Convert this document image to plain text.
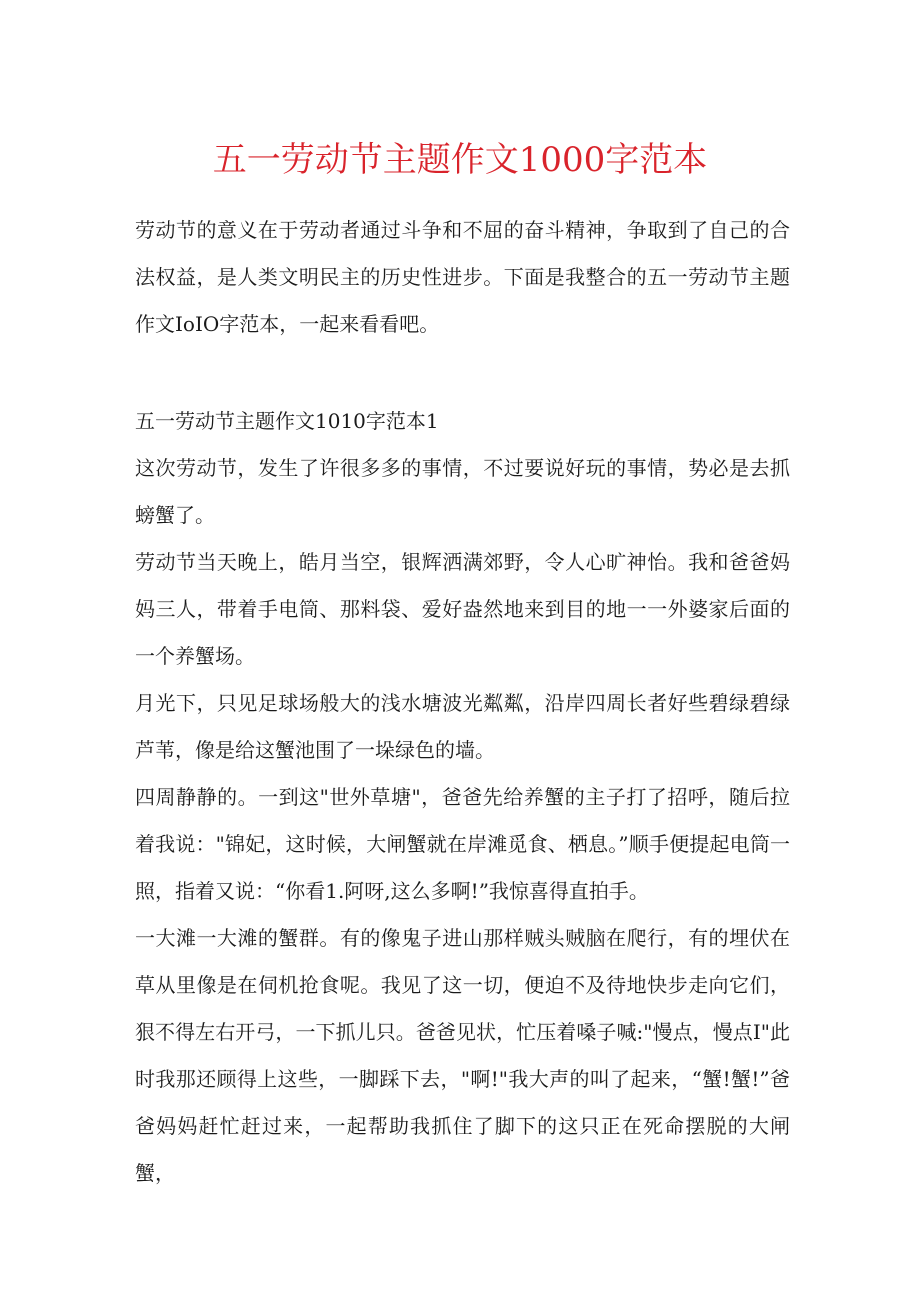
五一劳动节主题作文1000字范本

劳动节的意义在于劳动者通过斗争和不屈的奋斗精神，争取到了自己的合法权益，是人类文明民主的历史性进步。下面是我整合的五一劳动节主题作文IoIO字范本，一起来看看吧。

五一劳动节主题作文1010字范本1

这次劳动节，发生了许很多多的事情，不过要说好玩的事情，势必是去抓螃蟹了。

劳动节当天晚上，皓月当空，银辉洒满郊野，令人心旷神怡。我和爸爸妈妈三人，带着手电筒、那料袋、爱好盎然地来到目的地一一外婆家后面的一个养蟹场。

月光下，只见足球场般大的浅水塘波光粼粼，沿岸四周长者好些碧绿碧绿芦苇，像是给这蟹池围了一垛绿色的墙。

四周静静的。一到这"世外草塘"，爸爸先给养蟹的主子打了招呼，随后拉着我说："锦妃，这时候，大闸蟹就在岸滩觅食、栖息。”顺手便提起电筒一照，指着又说：“你看1.阿呀,这么多啊!”我惊喜得直拍手。

一大滩一大滩的蟹群。有的像鬼子进山那样贼头贼脑在爬行，有的埋伏在草从里像是在伺机抢食呢。我见了这一切，便迫不及待地快步走向它们，狠不得左右开弓，一下抓儿只。爸爸见状，忙压着嗓子喊:"慢点，慢点I"此时我那还顾得上这些，一脚踩下去，"啊!"我大声的叫了起来，“蟹!蟹!”爸爸妈妈赶忙赶过来，一起帮助我抓住了脚下的这只正在死命摆脱的大闸蟹，
